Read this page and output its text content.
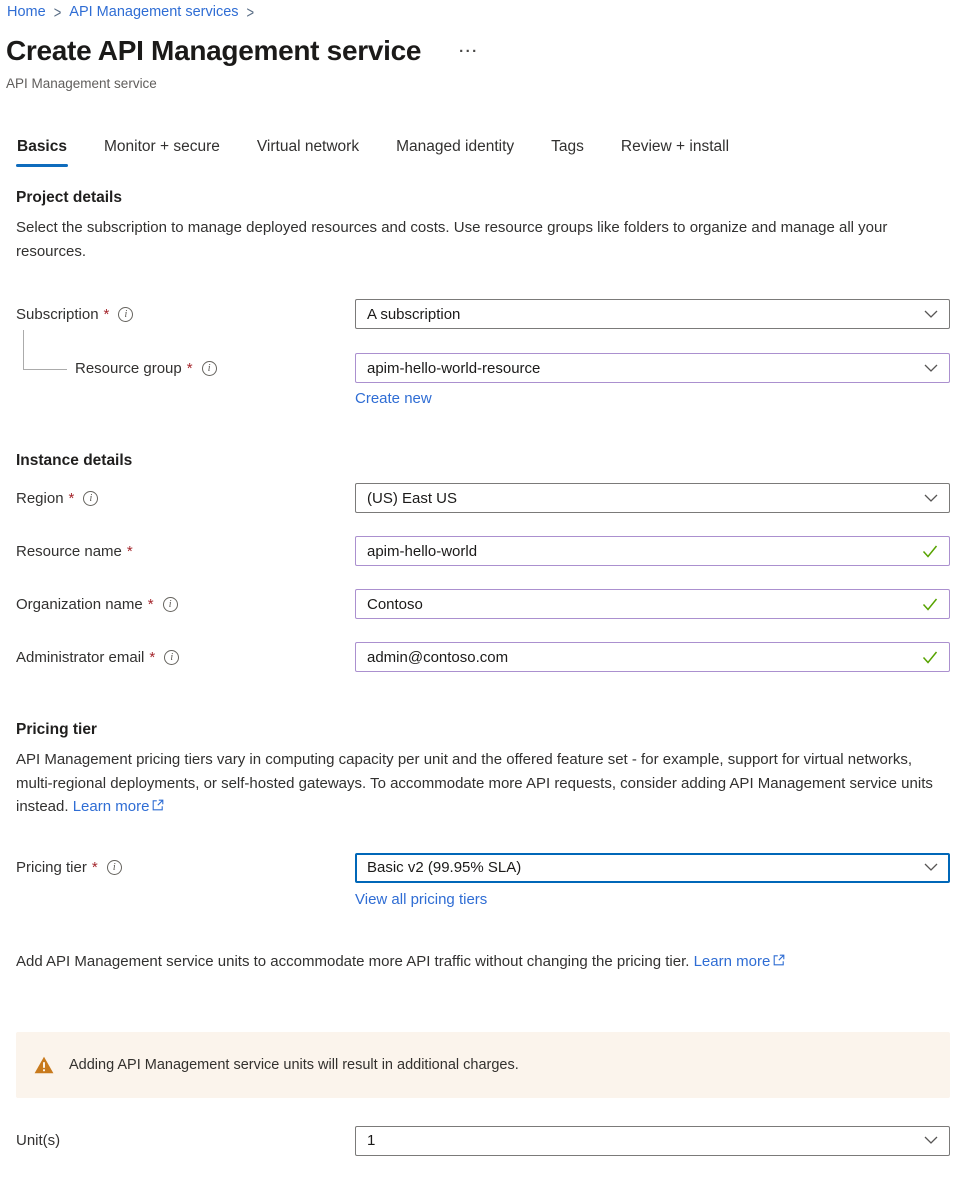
Home > API Management services >
Create API Management service	···
API Management service
Basics Monitor + secure Virtual network Managed identity Tags Review + install
Project details

Select the subscription to manage deployed resources and costs. Use resource groups like folders to organize and manage all your resources.

Subscription * i	A subscription
Resource group * i	apim-hello-world-resource
Create new
Instance details
Region * i	(US) East US
Resource name *	apim-hello-world
Organization name * i	Contoso
Administrator email * i	admin@contoso.com
Pricing tier

API Management pricing tiers vary in computing capacity per unit and the offered feature set - for example, support for virtual networks, multi-regional deployments, or self-hosted gateways. To accommodate more API requests, consider adding API Management service units instead. Learn more

Pricing tier * i	Basic v2 (99.95% SLA)
View all pricing tiers

Add API Management service units to accommodate more API traffic without changing the pricing tier. Learn more

Adding API Management service units will result in additional charges.
Unit(s)	1
